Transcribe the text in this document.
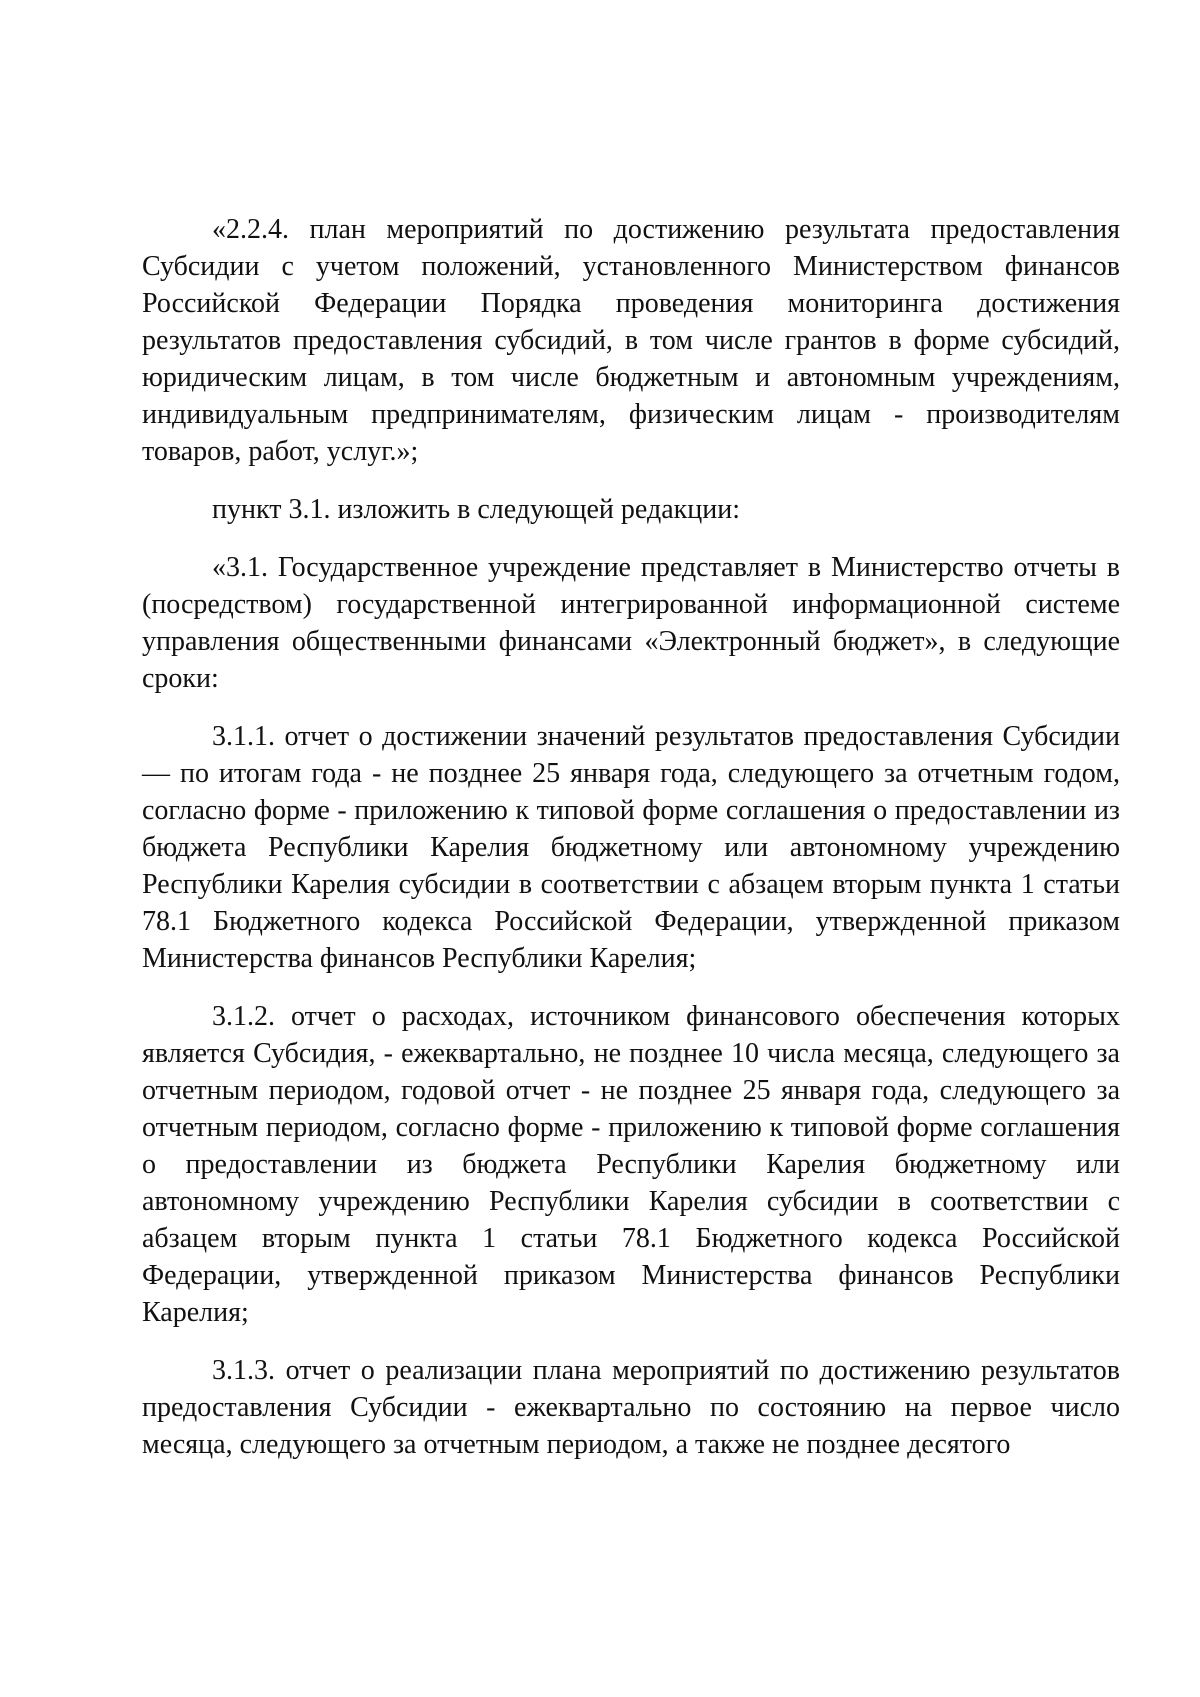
«2.2.4. план мероприятий по достижению результата предоставления Субсидии с учетом положений, установленного Министерством финансов Российской Федерации Порядка проведения мониторинга достижения результатов предоставления субсидий, в том числе грантов в форме субсидий, юридическим лицам, в том числе бюджетным и автономным учреждениям, индивидуальным предпринимателям, физическим лицам - производителям товаров, работ, услуг.»;

пункт 3.1. изложить в следующей редакции:

«3.1. Государственное учреждение представляет в Министерство отчеты в (посредством) государственной интегрированной информационной системе управления общественными финансами «Электронный бюджет», в следующие сроки:

3.1.1. отчет о достижении значений результатов предоставления Субсидии — по итогам года - не позднее 25 января года, следующего за отчетным годом, согласно форме - приложению к типовой форме соглашения о предоставлении из бюджета Республики Карелия бюджетному или автономному учреждению Республики Карелия субсидии в соответствии с абзацем вторым пункта 1 статьи 78.1 Бюджетного кодекса Российской Федерации, утвержденной приказом Министерства финансов Республики Карелия;

3.1.2. отчет о расходах, источником финансового обеспечения которых является Субсидия, - ежеквартально, не позднее 10 числа месяца, следующего за отчетным периодом, годовой отчет - не позднее 25 января года, следующего за отчетным периодом, согласно форме - приложению к типовой форме соглашения о предоставлении из бюджета Республики Карелия бюджетному или автономному учреждению Республики Карелия субсидии в соответствии с абзацем вторым пункта 1 статьи 78.1 Бюджетного кодекса Российской Федерации, утвержденной приказом Министерства финансов Республики Карелия;

3.1.3. отчет о реализации плана мероприятий по достижению результатов предоставления Субсидии - ежеквартально по состоянию на первое число месяца, следующего за отчетным периодом, а также не позднее десятого
